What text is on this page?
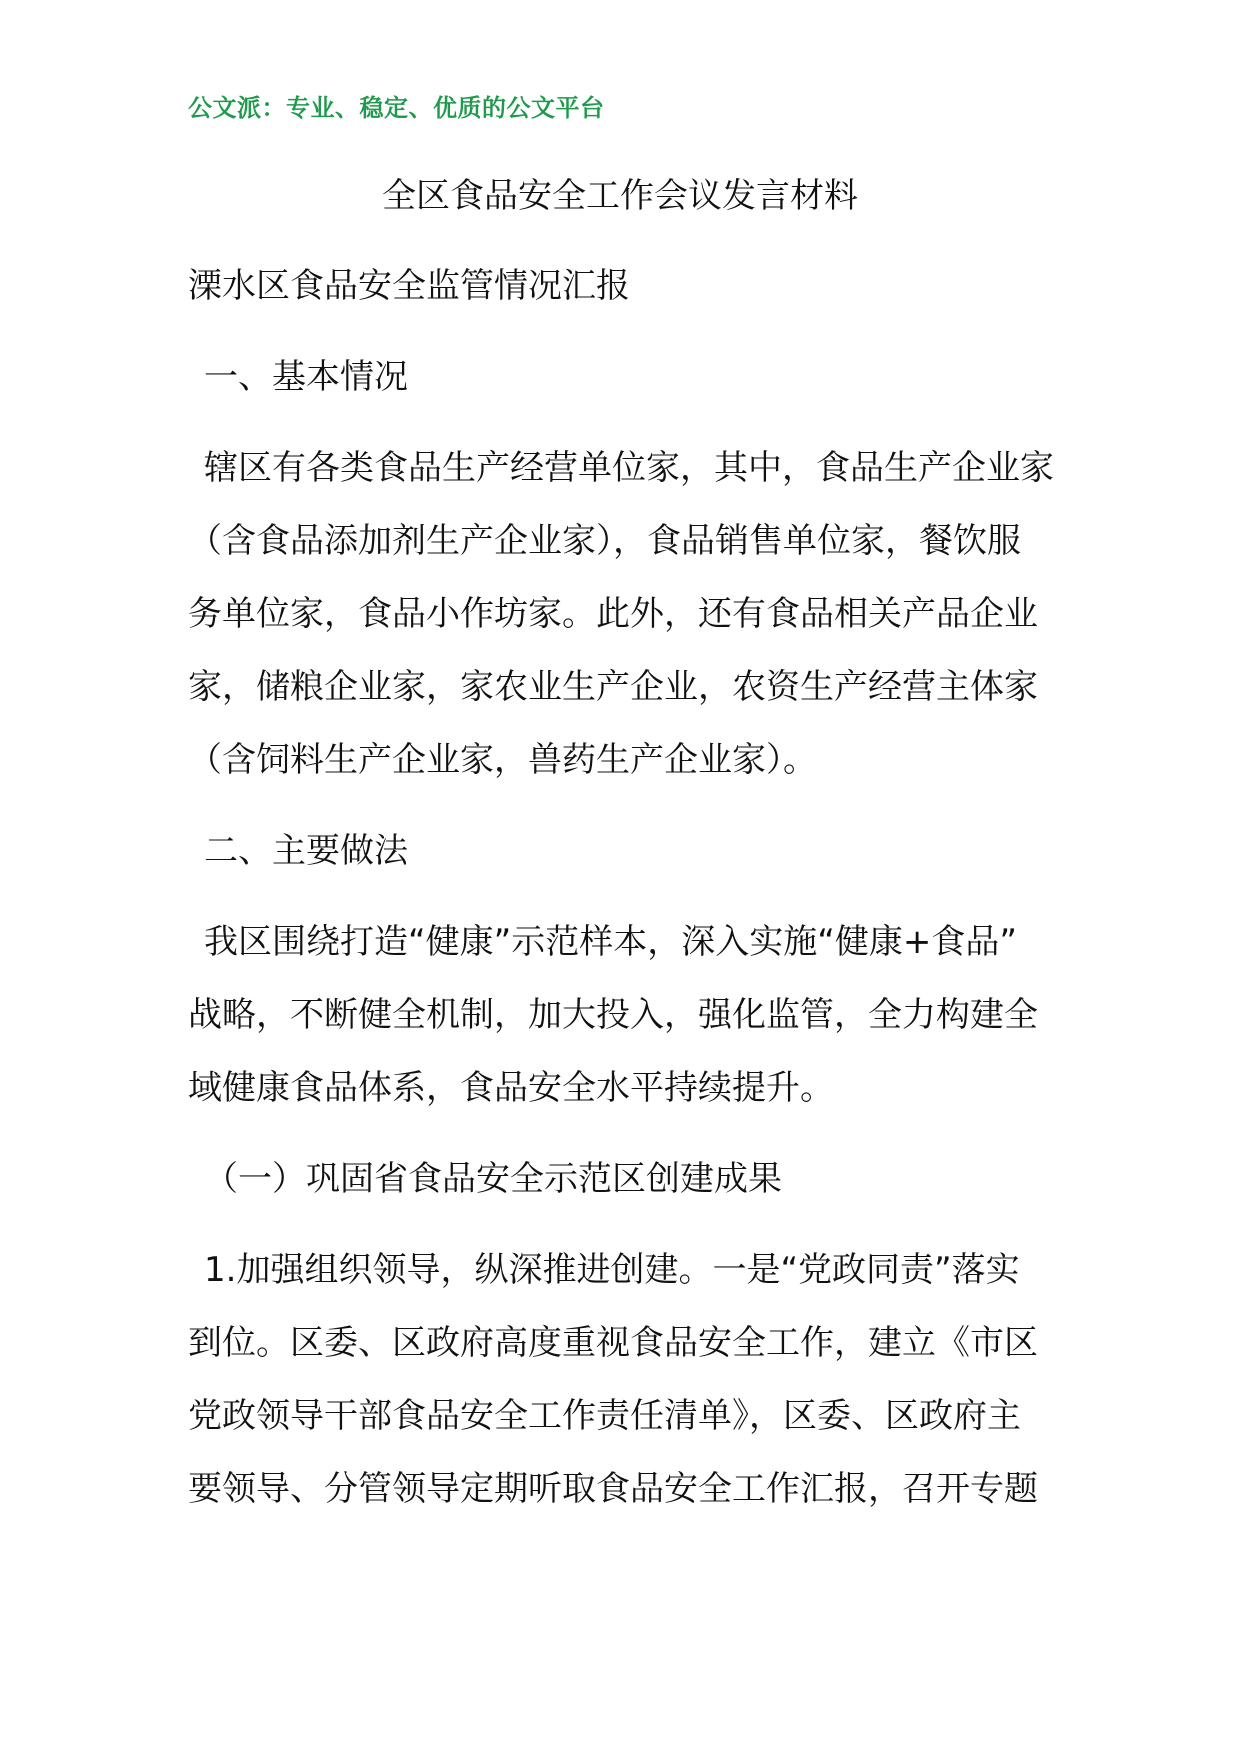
公文派：专业、稳定、优质的公文平台
全区食品安全工作会议发言材料
溧水区食品安全监管情况汇报
一、基本情况
辖区有各类食品生产经营单位家，其中，食品生产企业家
（含食品添加剂生产企业家），食品销售单位家，餐饮服
务单位家，食品小作坊家。此外，还有食品相关产品企业
家，储粮企业家，家农业生产企业，农资生产经营主体家
（含饲料生产企业家，兽药生产企业家）。
二、主要做法
我区围绕打造“健康”示范样本，深入实施“健康+食品”
战略，不断健全机制，加大投入，强化监管，全力构建全
域健康食品体系，食品安全水平持续提升。
（一）巩固省食品安全示范区创建成果
1.加强组织领导，纵深推进创建。一是“党政同责”落实
到位。区委、区政府高度重视食品安全工作，建立《市区
党政领导干部食品安全工作责任清单》，区委、区政府主
要领导、分管领导定期听取食品安全工作汇报，召开专题
